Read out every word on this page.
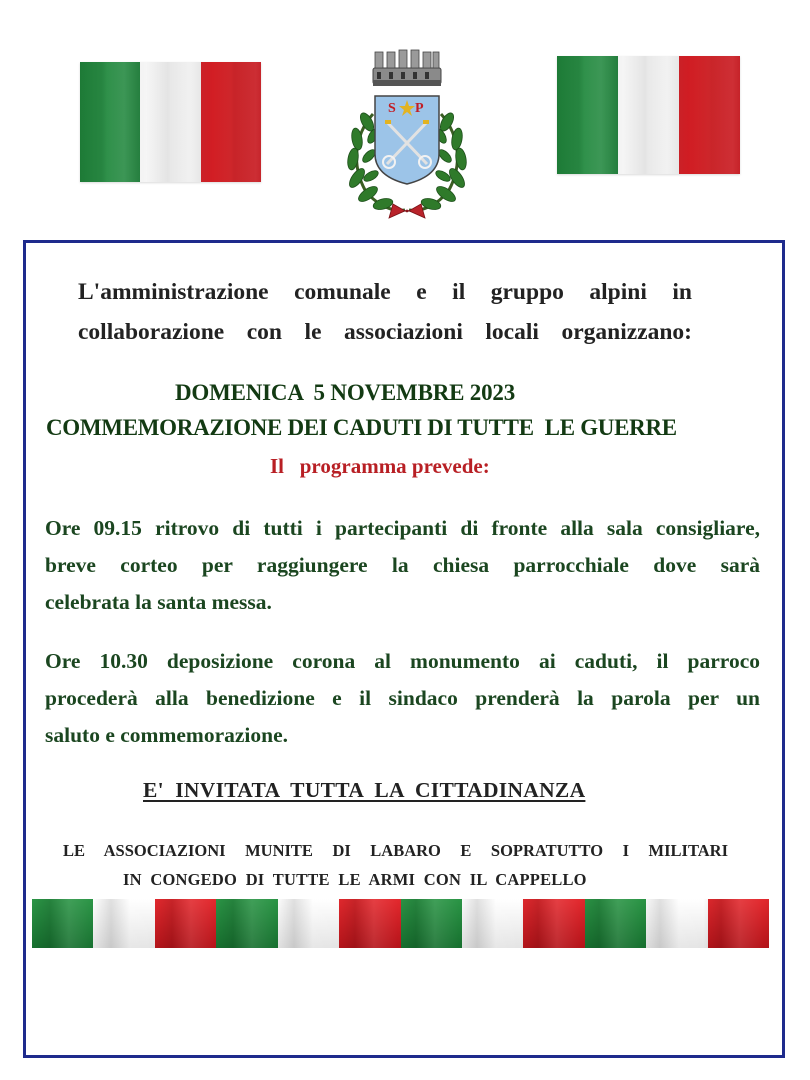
S P
L'amministrazione comunale e il gruppo alpini in
collaborazione con le associazioni locali organizzano:
DOMENICA  5 NOVEMBRE 2023
COMMEMORAZIONE DEI CADUTI DI TUTTE  LE GUERRE
Il   programma prevede:
Ore 09.15 ritrovo di tutti i partecipanti di fronte alla sala consigliare,
breve corteo per raggiungere la chiesa parrocchiale dove sarà
celebrata la santa messa.
Ore 10.30 deposizione corona al monumento ai caduti, il parroco
procederà alla benedizione e il sindaco prenderà la parola per un
saluto e commemorazione.
E'  INVITATA  TUTTA  LA  CITTADINANZA
LE ASSOCIAZIONI MUNITE DI LABARO E SOPRATUTTO I MILITARI
IN  CONGEDO  DI  TUTTE  LE  ARMI  CON  IL  CAPPELLO
